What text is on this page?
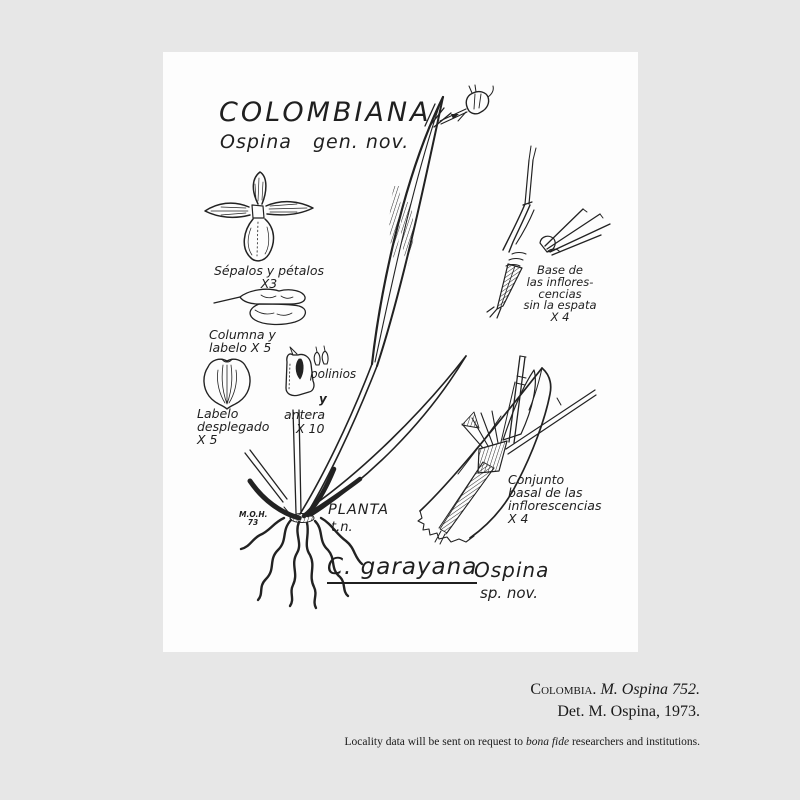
COLOMBIANA
Ospina   gen. nov.
Sépalos y pétalos
X3
Columna y
labelo X 5
Labelo
desplegado
X 5
polinios
y
antera
X 10
PLANTA
t.n.
M.O.H.
73
Base de
las inflores-
cencias
sin la espata
X 4
Conjunto
basal de las
inflorescencias
X 4
C. garayana
Ospina
sp. nov.
Colombia. M. Ospina 752.
Det. M. Ospina, 1973.
Locality data will be sent on request to bona fide researchers and institutions.
